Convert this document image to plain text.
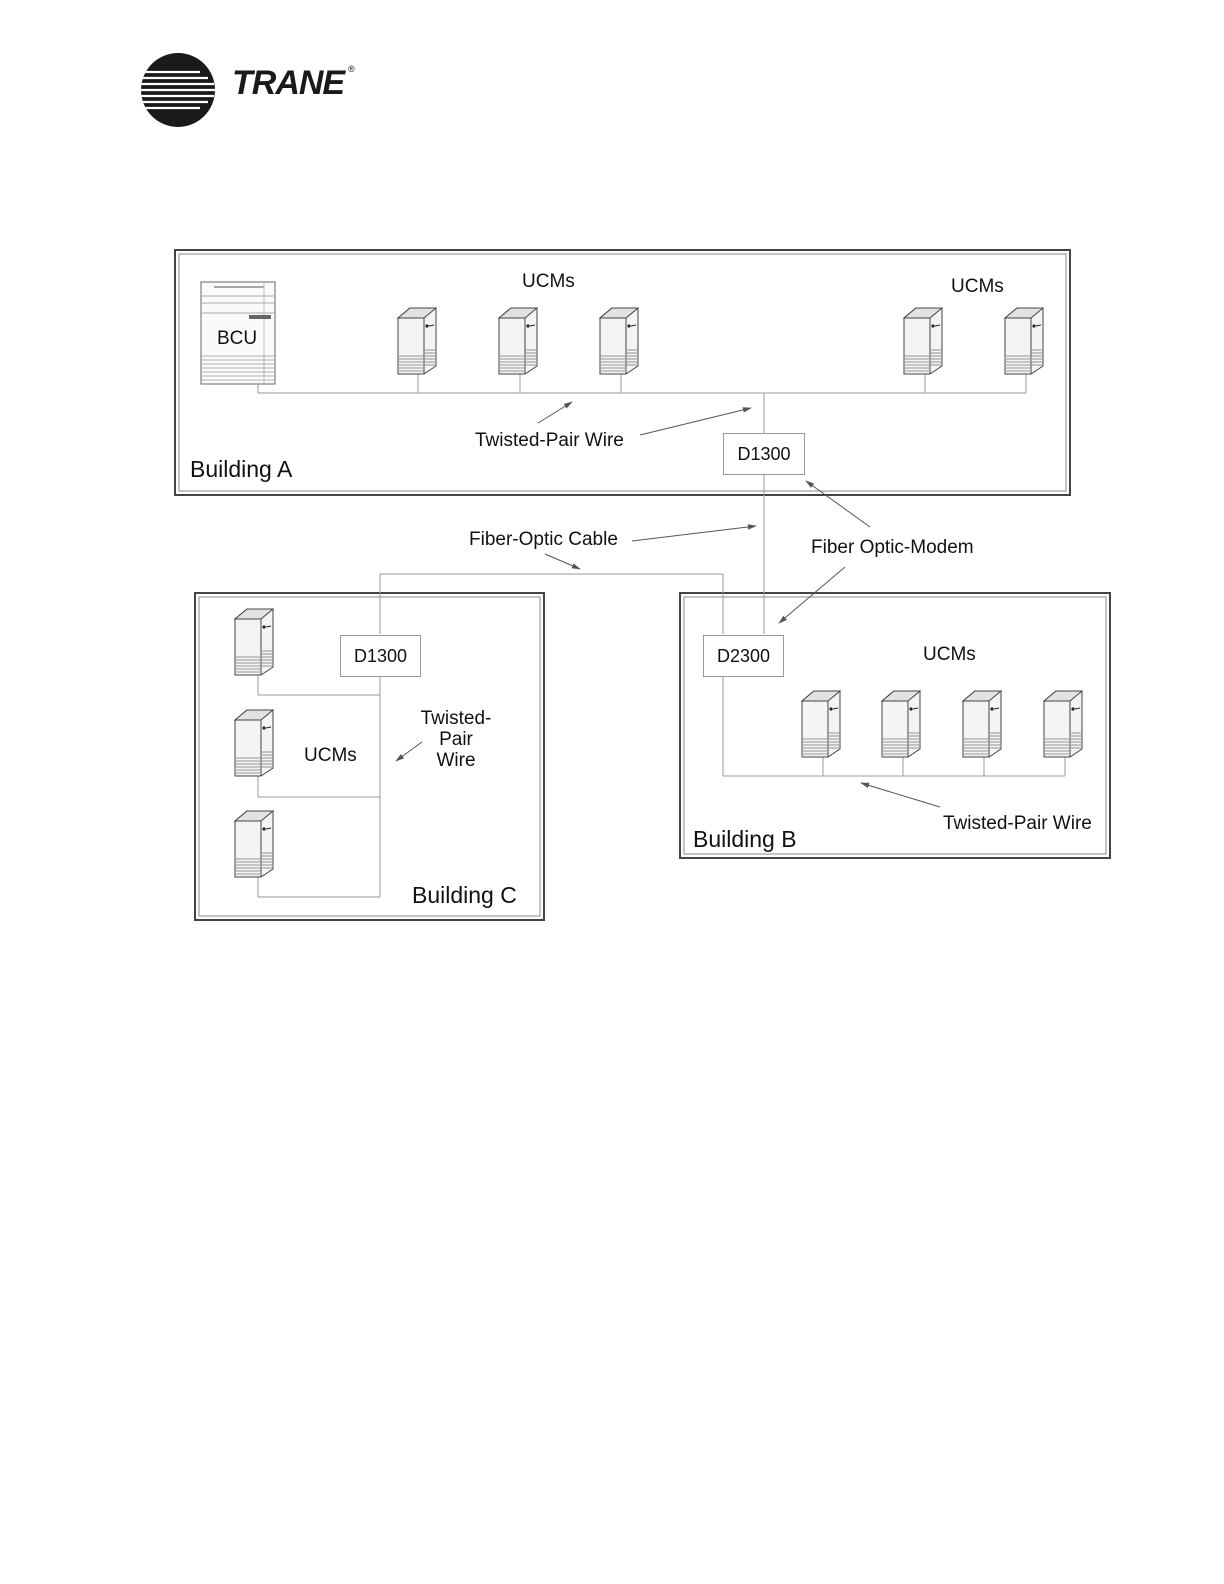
TRANE ®
D1300
D1300	D2300
BCU
UCMs	UCMs
UCMs
UCMs
Twisted-Pair Wire
Twisted-Pair Wire
Twisted-
Pair
Wire
Fiber-Optic Cable	Fiber Optic-Modem
Building A
Building B
Building C
